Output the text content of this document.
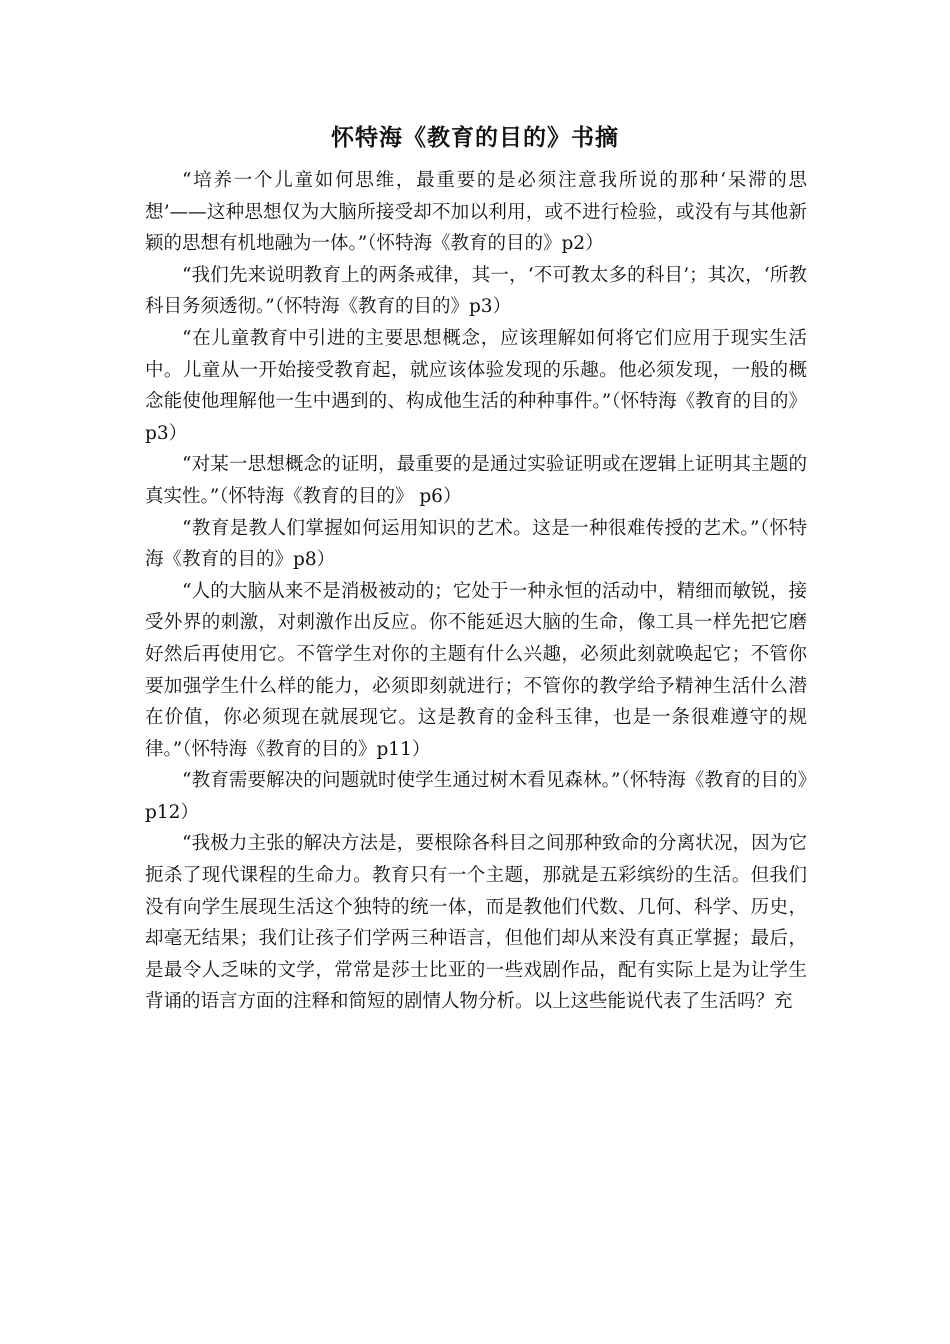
怀特海《教育的目的》书摘

“培养一个儿童如何思维，最重要的是必须注意我所说的那种‘呆滞的思想’——这种思想仅为大脑所接受却不加以利用，或不进行检验，或没有与其他新颖的思想有机地融为一体。”（怀特海《教育的目的》p2）

“我们先来说明教育上的两条戒律，其一，‘不可教太多的科目’；其次，‘所教科目务须透彻。”（怀特海《教育的目的》p3）

“在儿童教育中引进的主要思想概念，应该理解如何将它们应用于现实生活中。儿童从一开始接受教育起，就应该体验发现的乐趣。他必须发现，一般的概念能使他理解他一生中遇到的、构成他生活的种种事件。”（怀特海《教育的目的》p3）

“对某一思想概念的证明，最重要的是通过实验证明或在逻辑上证明其主题的真实性。”（怀特海《教育的目的》 p6）

“教育是教人们掌握如何运用知识的艺术。这是一种很难传授的艺术。”（怀特海《教育的目的》p8）

“人的大脑从来不是消极被动的；它处于一种永恒的活动中，精细而敏锐，接受外界的刺激，对刺激作出反应。你不能延迟大脑的生命，像工具一样先把它磨好然后再使用它。不管学生对你的主题有什么兴趣，必须此刻就唤起它；不管你要加强学生什么样的能力，必须即刻就进行；不管你的教学给予精神生活什么潜在价值，你必须现在就展现它。这是教育的金科玉律，也是一条很难遵守的规律。”（怀特海《教育的目的》p11）

“教育需要解决的问题就时使学生通过树木看见森林。”（怀特海《教育的目的》p12）

“我极力主张的解决方法是，要根除各科目之间那种致命的分离状况，因为它扼杀了现代课程的生命力。教育只有一个主题，那就是五彩缤纷的生活。但我们没有向学生展现生活这个独特的统一体，而是教他们代数、几何、科学、历史，却毫无结果；我们让孩子们学两三种语言，但他们却从来没有真正掌握；最后，是最令人乏味的文学，常常是莎士比亚的一些戏剧作品，配有实际上是为让学生背诵的语言方面的注释和简短的剧情人物分析。以上这些能说代表了生活吗？充
